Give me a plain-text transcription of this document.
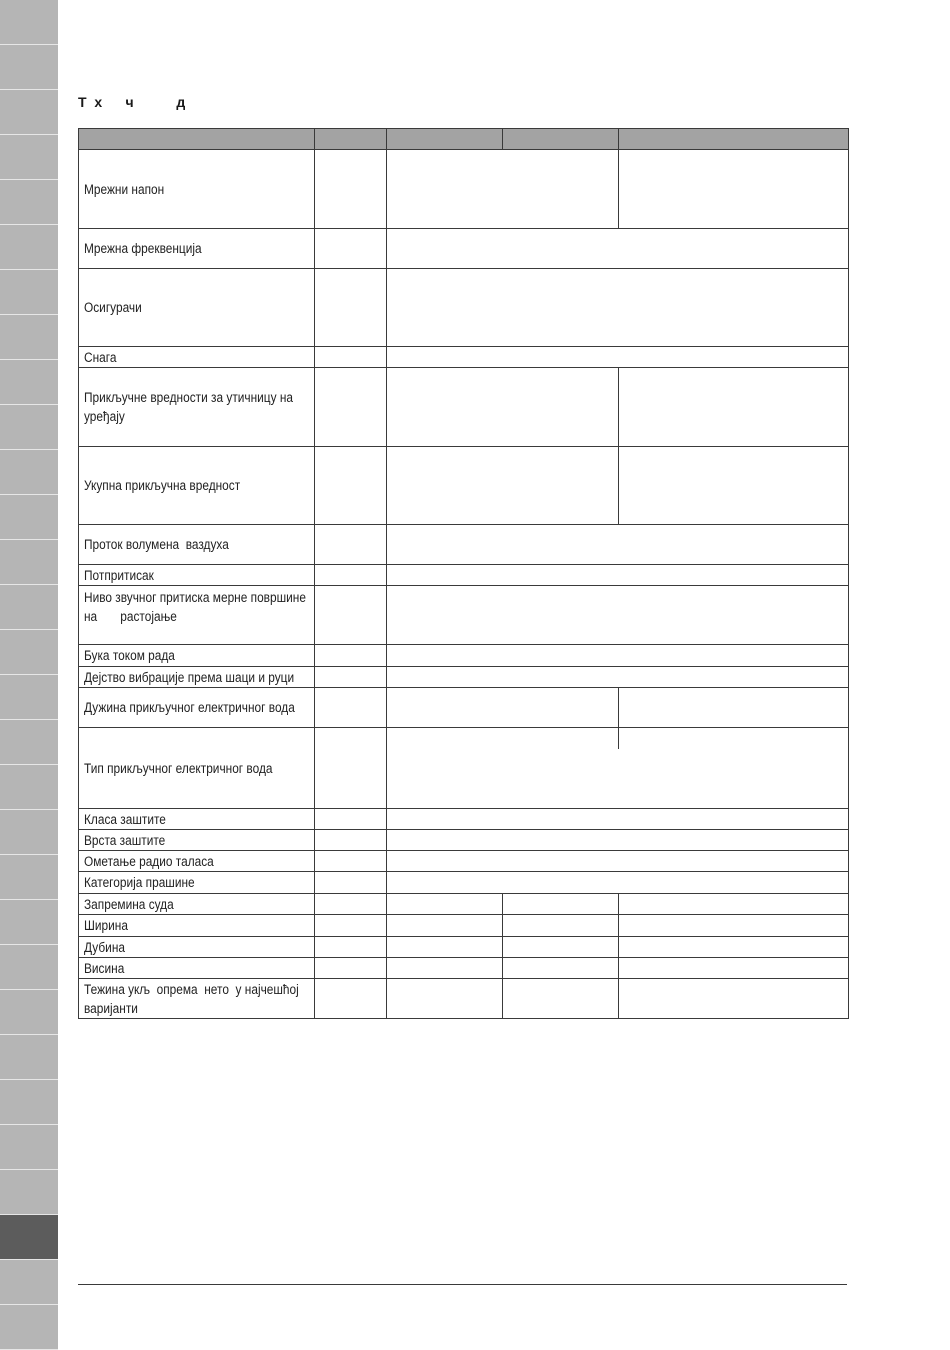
Т  х      ч           д

Мрежни напон				
Мрежна фреквенција				
Осигурачи				
Снага				
Прикључне вредности за утичницу на
уређају				
Укупна прикључна вредност				
Проток волумена  ваздуха				
Потпритисак				
Ниво звучног притиска мерне површине
на       растојање				
Бука током рада				
Дејство вибрације према шаци и руци				
Дужина прикључног електричног вода				
Тип прикључног електричног вода				

Класа заштите				
Врста заштите				
Ометање радио таласа				
Категорија прашине				
Запремина суда				
Ширина				
Дубина				
Висина				
Тежина укљ  опрема  нето  у најчешћој
варијанти				
